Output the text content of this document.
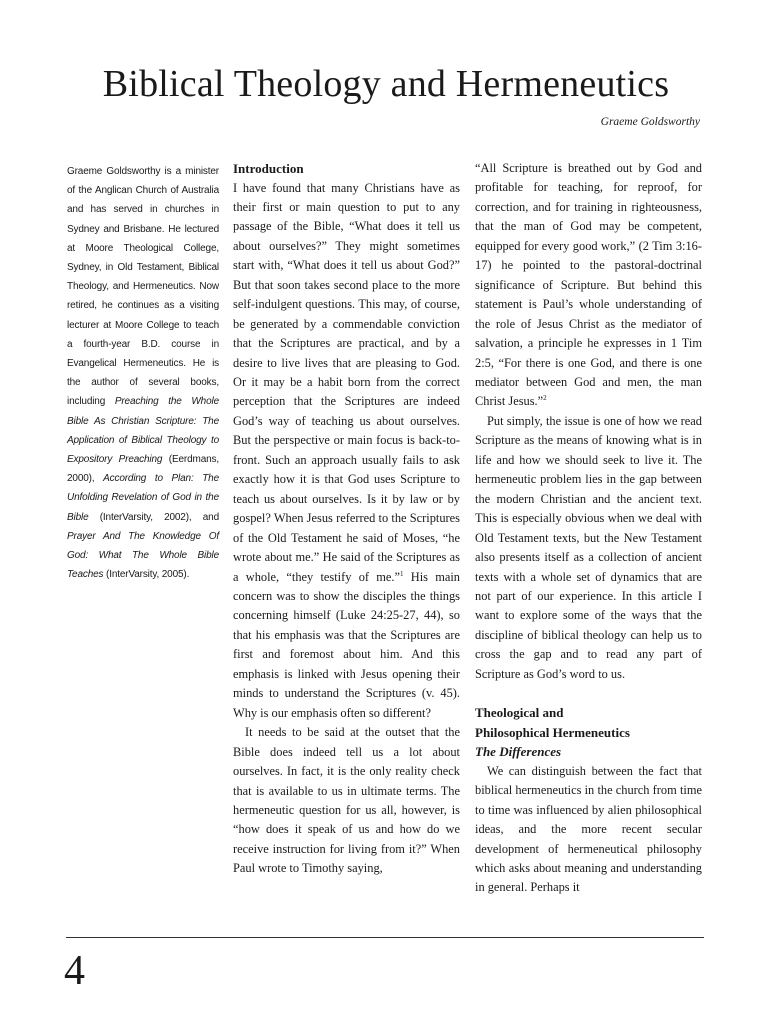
Biblical Theology and Hermeneutics
Graeme Goldsworthy
Graeme Goldsworthy is a minister of the Anglican Church of Australia and has served in churches in Sydney and Brisbane. He lectured at Moore Theological College, Sydney, in Old Testament, Biblical Theology, and Hermeneutics. Now retired, he continues as a visiting lecturer at Moore College to teach a fourth-year B.D. course in Evangelical Hermeneutics. He is the author of several books, including Preaching the Whole Bible As Christian Scripture: The Application of Biblical Theology to Expository Preaching (Eerdmans, 2000), According to Plan: The Unfolding Revelation of God in the Bible (InterVarsity, 2002), and Prayer And The Knowledge Of God: What The Whole Bible Teaches (InterVarsity, 2005).
Introduction

I have found that many Christians have as their first or main question to put to any passage of the Bible, “What does it tell us about ourselves?” They might sometimes start with, “What does it tell us about God?” But that soon takes second place to the more self-indulgent questions. This may, of course, be generated by a commendable conviction that the Scriptures are practical, and by a desire to live lives that are pleasing to God. Or it may be a habit born from the correct perception that the Scriptures are indeed God’s way of teaching us about ourselves. But the perspective or main focus is back-to-front. Such an approach usually fails to ask exactly how it is that God uses Scripture to teach us about ourselves. Is it by law or by gospel? When Jesus referred to the Scriptures of the Old Testament he said of Moses, “he wrote about me.” He said of the Scriptures as a whole, “they testify of me.”$^1$ His main concern was to show the disciples the things concerning himself (Luke 24:25-27, 44), so that his emphasis was that the Scriptures are first and foremost about him. And this emphasis is linked with Jesus opening their minds to understand the Scriptures (v. 45). Why is our emphasis often so different?

It needs to be said at the outset that the Bible does indeed tell us a lot about ourselves. In fact, it is the only reality check that is available to us in ultimate terms. The hermeneutic question for us all, however, is “how does it speak of us and how do we receive instruction for living from it?” When Paul wrote to Timothy saying,

“All Scripture is breathed out by God and profitable for teaching, for reproof, for correction, and for training in righteousness, that the man of God may be competent, equipped for every good work,” (2 Tim 3:16-17) he pointed to the pastoral-doctrinal significance of Scripture. But behind this statement is Paul’s whole understanding of the role of Jesus Christ as the mediator of salvation, a principle he expresses in 1 Tim 2:5, “For there is one God, and there is one mediator between God and men, the man Christ Jesus.”$^2$

Put simply, the issue is one of how we read Scripture as the means of knowing what is in life and how we should seek to live it. The hermeneutic problem lies in the gap between the modern Christian and the ancient text. This is especially obvious when we deal with Old Testament texts, but the New Testament also presents itself as a collection of ancient texts with a whole set of dynamics that are not part of our experience. In this article I want to explore some of the ways that the discipline of biblical theology can help us to cross the gap and to read any part of Scripture as God’s word to us.

Theological and
Philosophical Hermeneutics
The Differences

We can distinguish between the fact that biblical hermeneutics in the church from time to time was influenced by alien philosophical ideas, and the more recent secular development of hermeneutical philosophy which asks about meaning and understanding in general. Perhaps it

4
